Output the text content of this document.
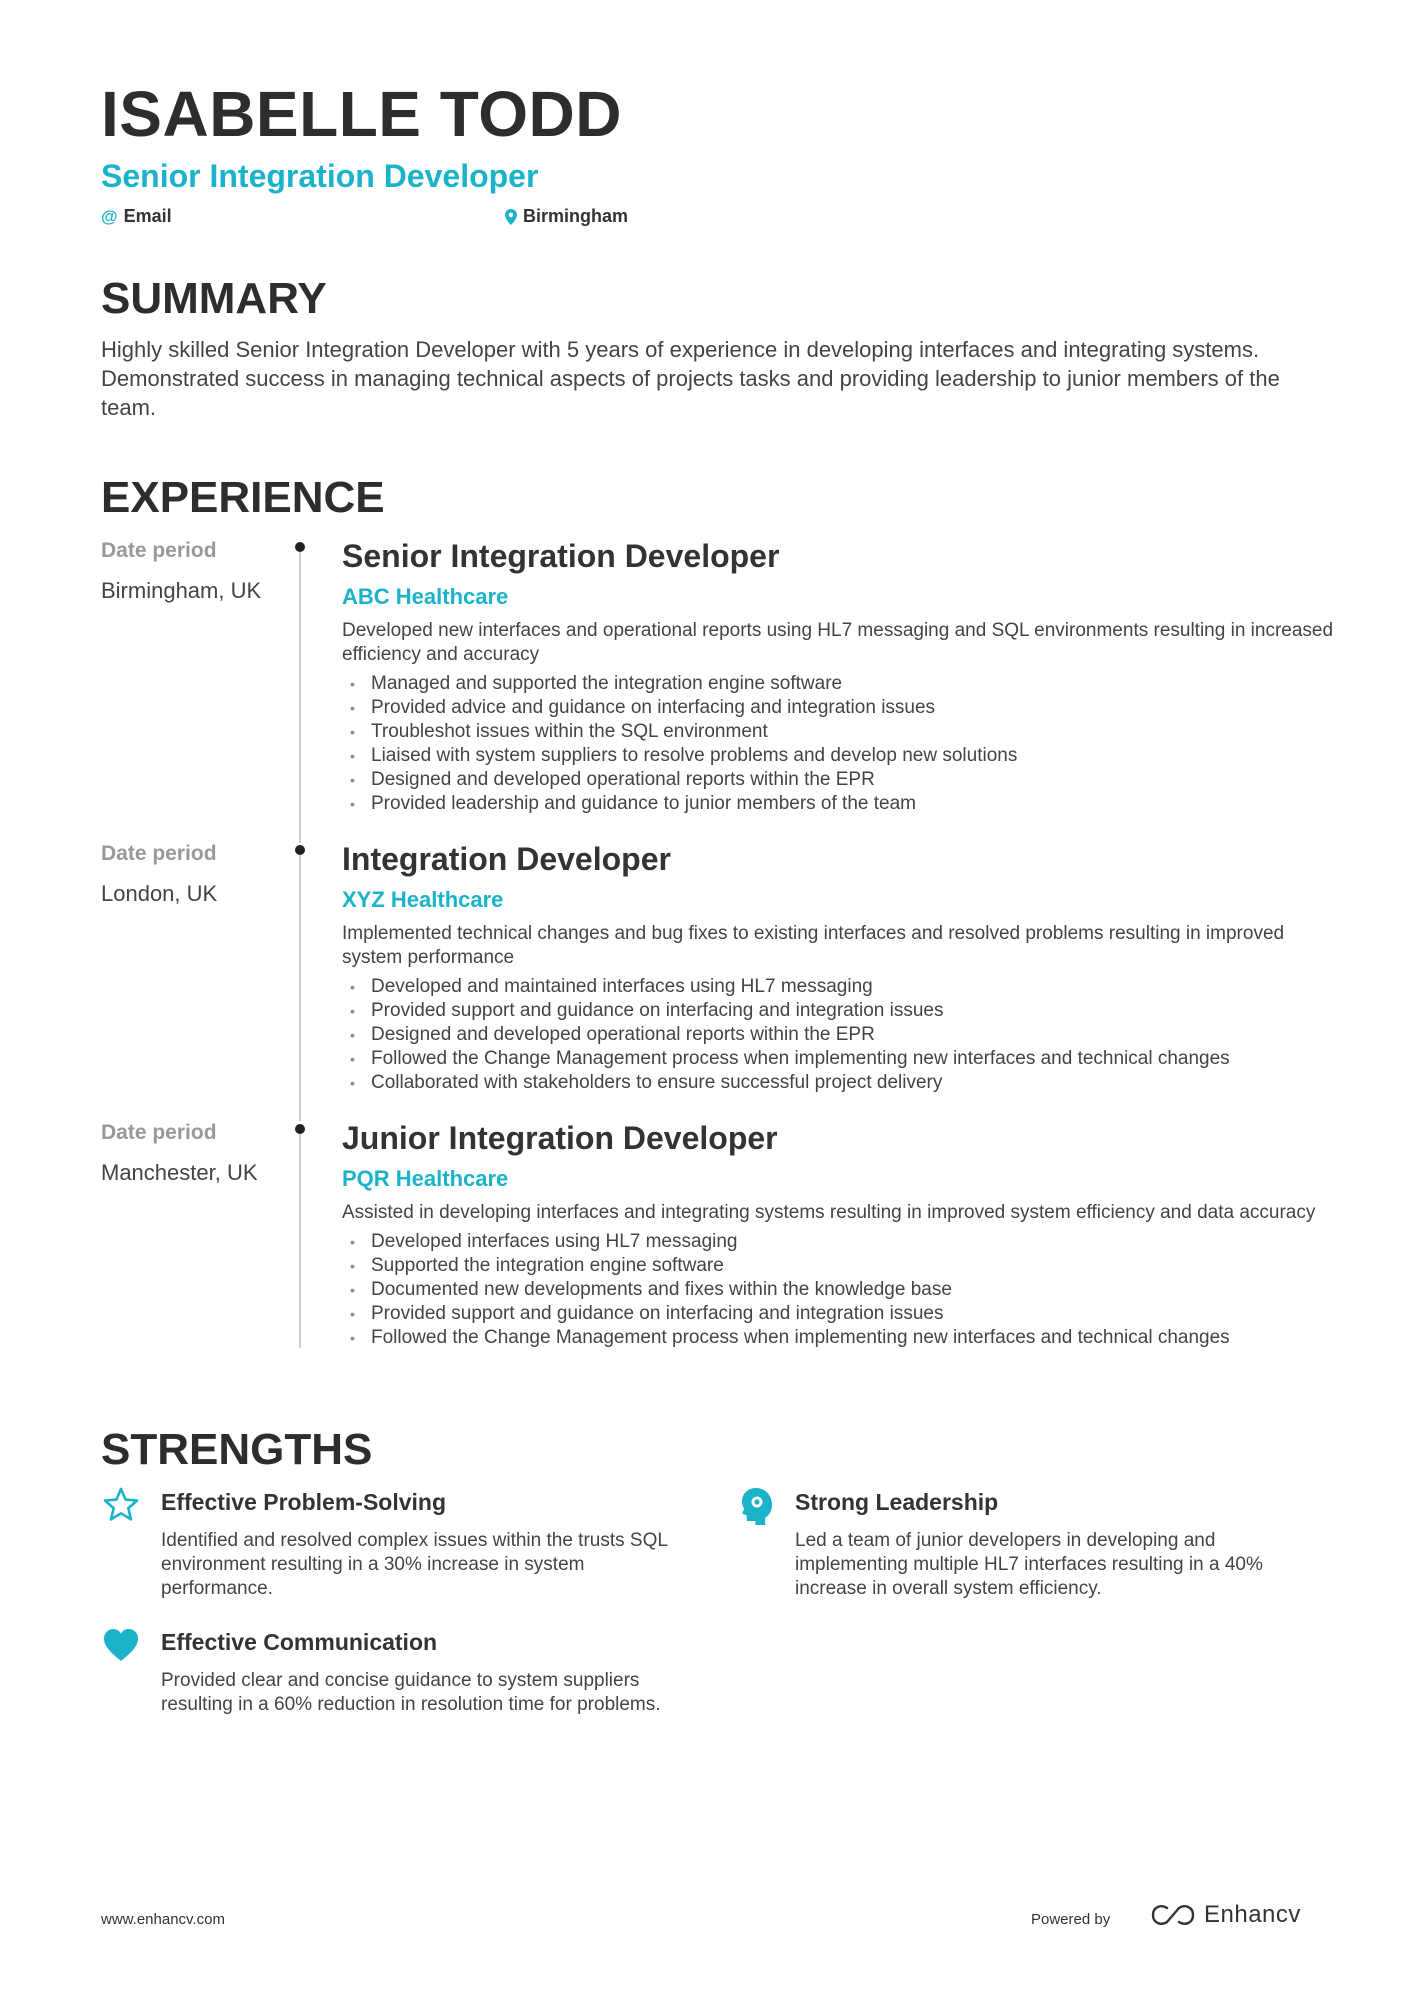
ISABELLE TODD
Senior Integration Developer
@ Email	Birmingham
SUMMARY

Highly skilled Senior Integration Developer with 5 years of experience in developing interfaces and integrating systems. Demonstrated success in managing technical aspects of projects tasks and providing leadership to junior members of the team.

EXPERIENCE
Date period
Birmingham, UK
Senior Integration Developer
ABC Healthcare
Developed new interfaces and operational reports using HL7 messaging and SQL environments resulting in increased efficiency and accuracy
• Managed and supported the integration engine software
• Provided advice and guidance on interfacing and integration issues
• Troubleshot issues within the SQL environment
• Liaised with system suppliers to resolve problems and develop new solutions
• Designed and developed operational reports within the EPR
• Provided leadership and guidance to junior members of the team
Date period
London, UK
Integration Developer
XYZ Healthcare
Implemented technical changes and bug fixes to existing interfaces and resolved problems resulting in improved system performance
• Developed and maintained interfaces using HL7 messaging
• Provided support and guidance on interfacing and integration issues
• Designed and developed operational reports within the EPR
• Followed the Change Management process when implementing new interfaces and technical changes
• Collaborated with stakeholders to ensure successful project delivery
Date period
Manchester, UK
Junior Integration Developer
PQR Healthcare
Assisted in developing interfaces and integrating systems resulting in improved system efficiency and data accuracy
• Developed interfaces using HL7 messaging
• Supported the integration engine software
• Documented new developments and fixes within the knowledge base
• Provided support and guidance on interfacing and integration issues
• Followed the Change Management process when implementing new interfaces and technical changes
STRENGTHS
Effective Problem-Solving

Identified and resolved complex issues within the trusts SQL environment resulting in a 30% increase in system performance.

Strong Leadership

Led a team of junior developers in developing and implementing multiple HL7 interfaces resulting in a 40% increase in overall system efficiency.

Effective Communication

Provided clear and concise guidance to system suppliers resulting in a 60% reduction in resolution time for problems.

www.enhancv.com	Powered by	Enhancv
